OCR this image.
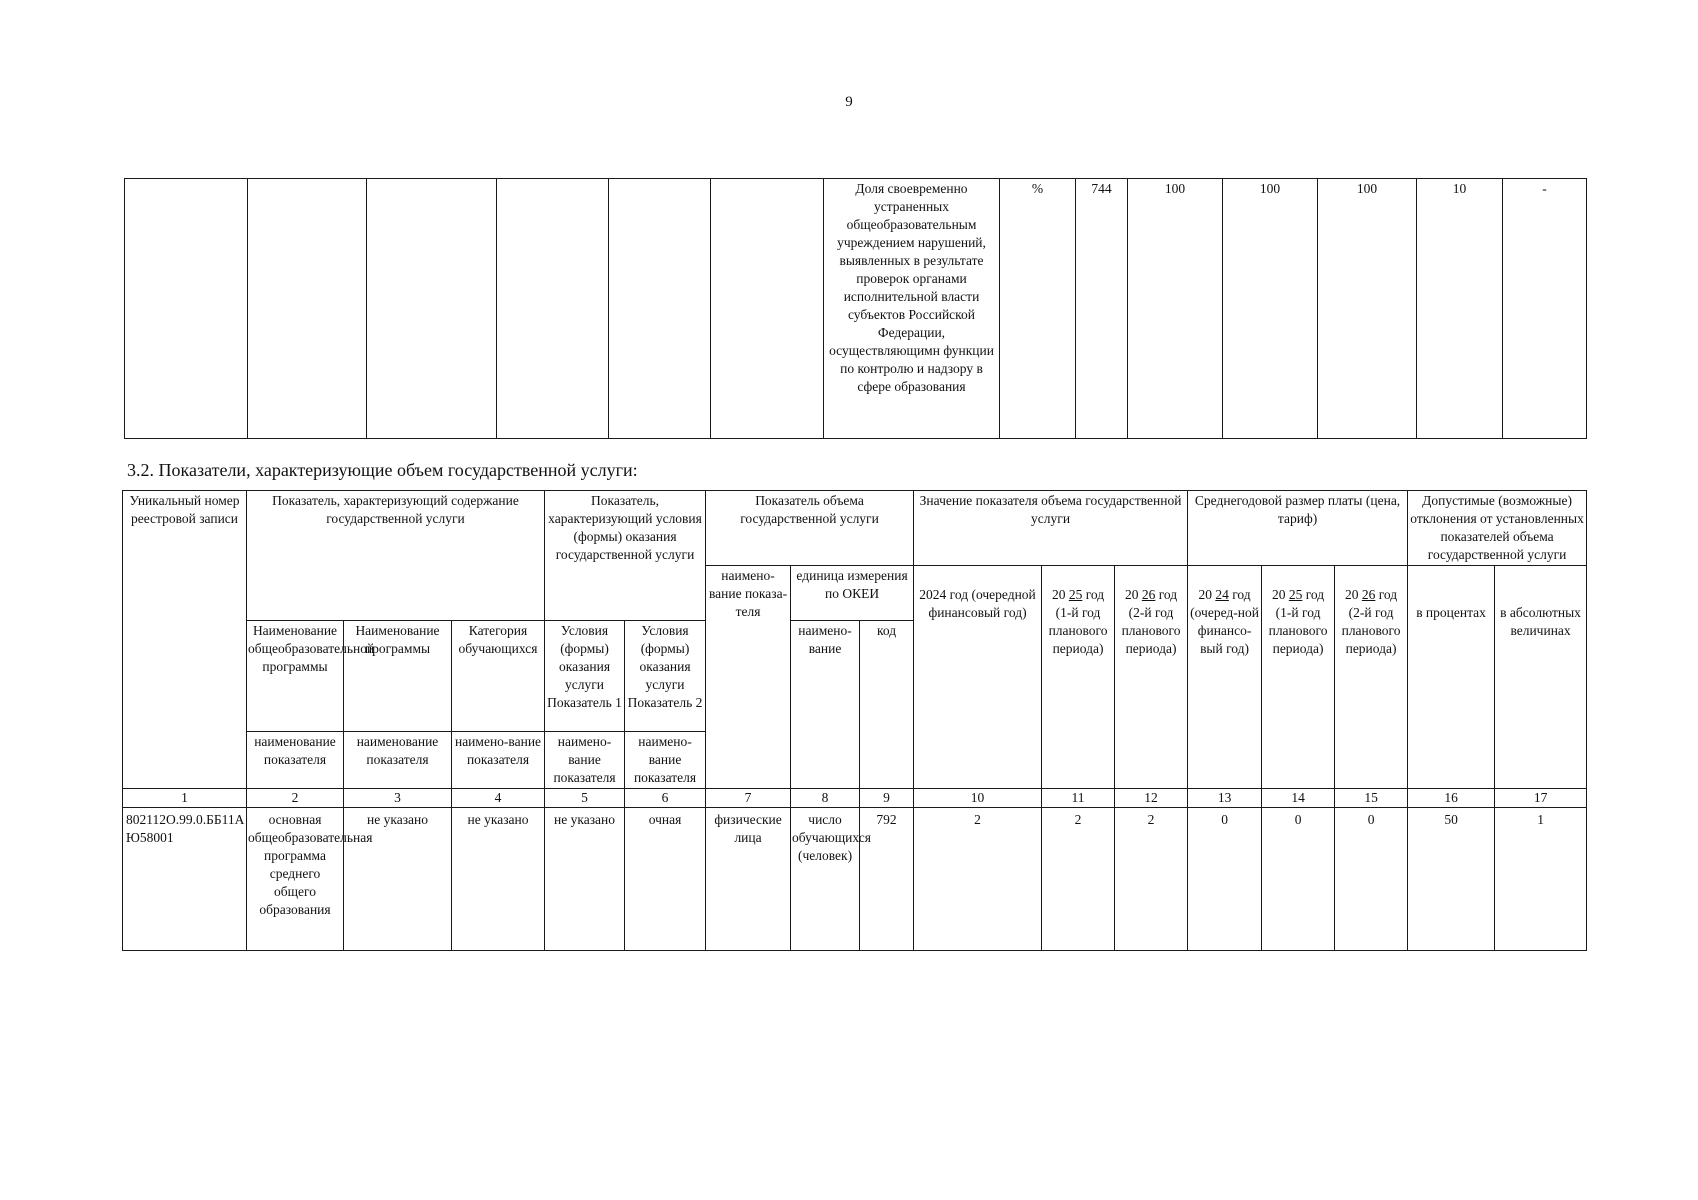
9
						Доля своевременно устраненных общеобразовательным учреждением нарушений, выявленных в результате проверок органами исполнительной власти субъектов Российской Федерации, осуществляющимн функции по контролю и надзору в сфере образования	%	744	100	100	100	10	-
3.2. Показатели, характеризующие объем государственной услуги:
Уникальный номер реестровой записи	Показатель, характеризующий содержание государственной услуги			Показатель, характеризующий условия (формы) оказания государственной услуги		Показатель объема государственной услуги			Значение показателя объема государственной услуги			Среднегодовой размер платы (цена, тариф)			Допустимые (возможные) отклонения от установленных показателей объема государственной услуги	
						наимено-вание показа-теля	единица измерения по ОКЕИ		2024 год (очередной финансовый год)	20 25 год (1-й год планового периода)	20 26 год (2-й год планового периода)	20 24 год (очеред-ной финансо-вый год)	20 25 год (1-й год планового периода)	20 26 год (2-й год планового периода)	в процентах	в абсолютных величинах
	Наименование общеобразовательной программы	Наименование программы	Категория обучающихся	Условия (формы) оказания услуги Показатель 1	Условия (формы) оказания услуги Показатель 2		наимено-вание	код								
	наименование показателя	наименование показателя	наимено-вание показателя	наимено-вание показателя	наимено-вание показателя											
1	2	3	4	5	6	7	8	9	10	11	12	13	14	15	16	17
802112О.99.0.ББ11АЮ58001	основная общеобразовательная программа среднего общего образования	не указано	не указано	не указано	очная	физические лица	число обучающихся (человек)	792	2	2	2	0	0	0	50	1
